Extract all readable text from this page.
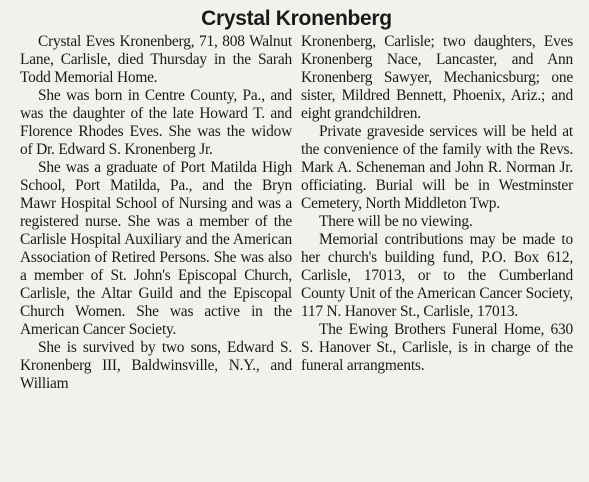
Crystal Kronenberg

Crystal Eves Kronenberg, 71, 808 Walnut Lane, Carlisle, died Thursday in the Sarah Todd Memorial Home.

She was born in Centre County, Pa., and was the daughter of the late Howard T. and Florence Rhodes Eves. She was the widow of Dr. Edward S. Kronenberg Jr.

She was a graduate of Port Matilda High School, Port Matilda, Pa., and the Bryn Mawr Hospital School of Nursing and was a registered nurse. She was a member of the Carlisle Hospital Auxiliary and the American Association of Retired Persons. She was also a member of St. John's Episcopal Church, Carlisle, the Altar Guild and the Episcopal Church Women. She was active in the American Cancer Society.

She is survived by two sons, Edward S. Kronenberg III, Baldwinsville, N.Y., and William

Kronenberg, Carlisle; two daughters, Eves Kronenberg Nace, Lancaster, and Ann Kronenberg Sawyer, Mechanicsburg; one sister, Mildred Bennett, Phoenix, Ariz.; and eight grandchildren.

Private graveside services will be held at the convenience of the family with the Revs. Mark A. Scheneman and John R. Norman Jr. officiating. Burial will be in Westminster Cemetery, North Middleton Twp.

There will be no viewing.

Memorial contributions may be made to her church's building fund, P.O. Box 612, Carlisle, 17013, or to the Cumberland County Unit of the American Cancer Society, 117 N. Hanover St., Carlisle, 17013.

The Ewing Brothers Funeral Home, 630 S. Hanover St., Carlisle, is in charge of the funeral arrangments.
